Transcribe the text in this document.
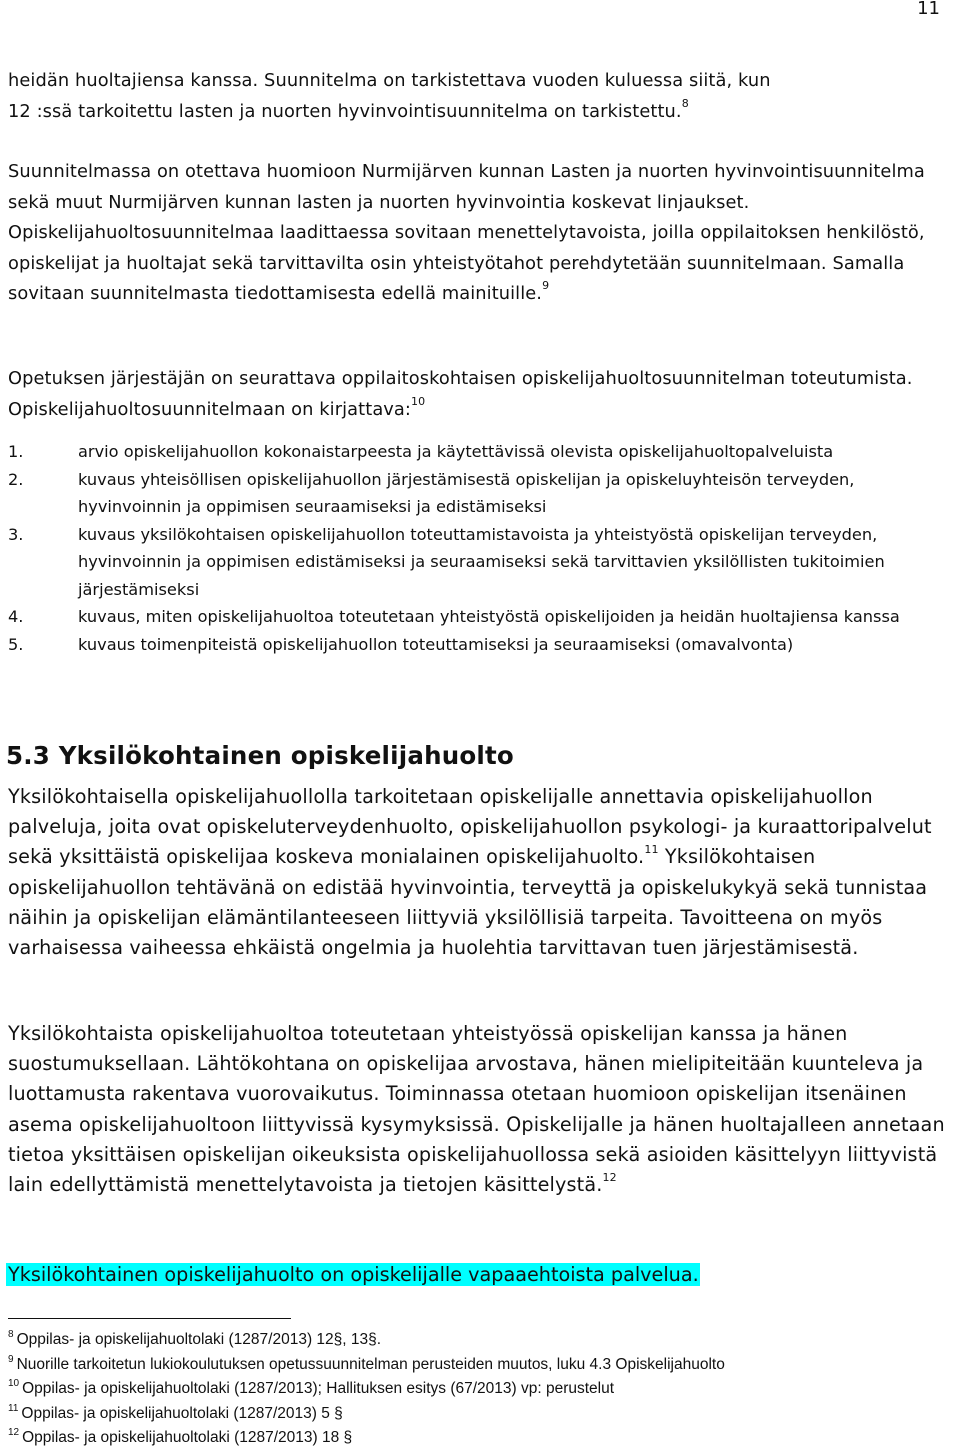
11

heidän huoltajiensa kanssa. Suunnitelma on tarkistettava vuoden kuluessa siitä, kun
12 :ssä tarkoitettu lasten ja nuorten hyvinvointisuunnitelma on tarkistettu.$^8$

Suunnitelmassa on otettava huomioon Nurmijärven kunnan Lasten ja nuorten hyvinvointisuunnitelma sekä muut Nurmijärven kunnan lasten ja nuorten hyvinvointia koskevat linjaukset. Opiskelijahuoltosuunnitelmaa laadittaessa sovitaan menettelytavoista, joilla oppilaitoksen henkilöstö, opiskelijat ja huoltajat sekä tarvittavilta osin yhteistyötahot perehdytetään suunnitelmaan. Samalla sovitaan suunnitelmasta tiedottamisesta edellä mainituille.$^9$

Opetuksen järjestäjän on seurattava oppilaitoskohtaisen opiskelijahuoltosuunnitelman toteutumista. Opiskelijahuoltosuunnitelmaan on kirjattava:$^{10}$

1.	arvio opiskelijahuollon kokonaistarpeesta ja käytettävissä olevista opiskelijahuoltopalveluista
2.	kuvaus yhteisöllisen opiskelijahuollon järjestämisestä opiskelijan ja opiskeluyhteisön terveyden, hyvinvoinnin ja oppimisen seuraamiseksi ja edistämiseksi
3.	kuvaus yksilökohtaisen opiskelijahuollon toteuttamistavoista ja yhteistyöstä opiskelijan terveyden, hyvinvoinnin ja oppimisen edistämiseksi ja seuraamiseksi sekä tarvittavien yksilöllisten tukitoimien järjestämiseksi
4.	kuvaus, miten opiskelijahuoltoa toteutetaan yhteistyöstä opiskelijoiden ja heidän huoltajiensa kanssa
5.	kuvaus toimenpiteistä opiskelijahuollon toteuttamiseksi ja seuraamiseksi (omavalvonta)
5.3 Yksilökohtainen opiskelijahuolto

Yksilökohtaisella opiskelijahuollolla tarkoitetaan opiskelijalle annettavia opiskelijahuollon palveluja, joita ovat opiskeluterveydenhuolto, opiskelijahuollon psykologi- ja kuraattoripalvelut sekä yksittäistä opiskelijaa koskeva monialainen opiskelijahuolto.$^{11}$ Yksilökohtaisen opiskelijahuollon tehtävänä on edistää hyvinvointia, terveyttä ja opiskelukykyä sekä tunnistaa näihin ja opiskelijan elämäntilanteeseen liittyviä yksilöllisiä tarpeita. Tavoitteena on myös varhaisessa vaiheessa ehkäistä ongelmia ja huolehtia tarvittavan tuen järjestämisestä.

Yksilökohtaista opiskelijahuoltoa toteutetaan yhteistyössä opiskelijan kanssa ja hänen suostumuksellaan. Lähtökohtana on opiskelijaa arvostava, hänen mielipiteitään kuunteleva ja luottamusta rakentava vuorovaikutus. Toiminnassa otetaan huomioon opiskelijan itsenäinen asema opiskelijahuoltoon liittyvissä kysymyksissä. Opiskelijalle ja hänen huoltajalleen annetaan tietoa yksittäisen opiskelijan oikeuksista opiskelijahuollossa sekä asioiden käsittelyyn liittyvistä lain edellyttämistä menettelytavoista ja tietojen käsittelystä.$^{12}$

Yksilökohtainen opiskelijahuolto on opiskelijalle vapaaehtoista palvelua.

$^8$ Oppilas- ja opiskelijahuoltolaki (1287/2013) 12§, 13§.
$^9$ Nuorille tarkoitetun lukiokoulutuksen opetussuunnitelman perusteiden muutos, luku 4.3 Opiskelijahuolto
$^{10}$ Oppilas- ja opiskelijahuoltolaki (1287/2013); Hallituksen esitys (67/2013) vp: perustelut
$^{11}$ Oppilas- ja opiskelijahuoltolaki (1287/2013) 5 §
$^{12}$ Oppilas- ja opiskelijahuoltolaki (1287/2013) 18 §
